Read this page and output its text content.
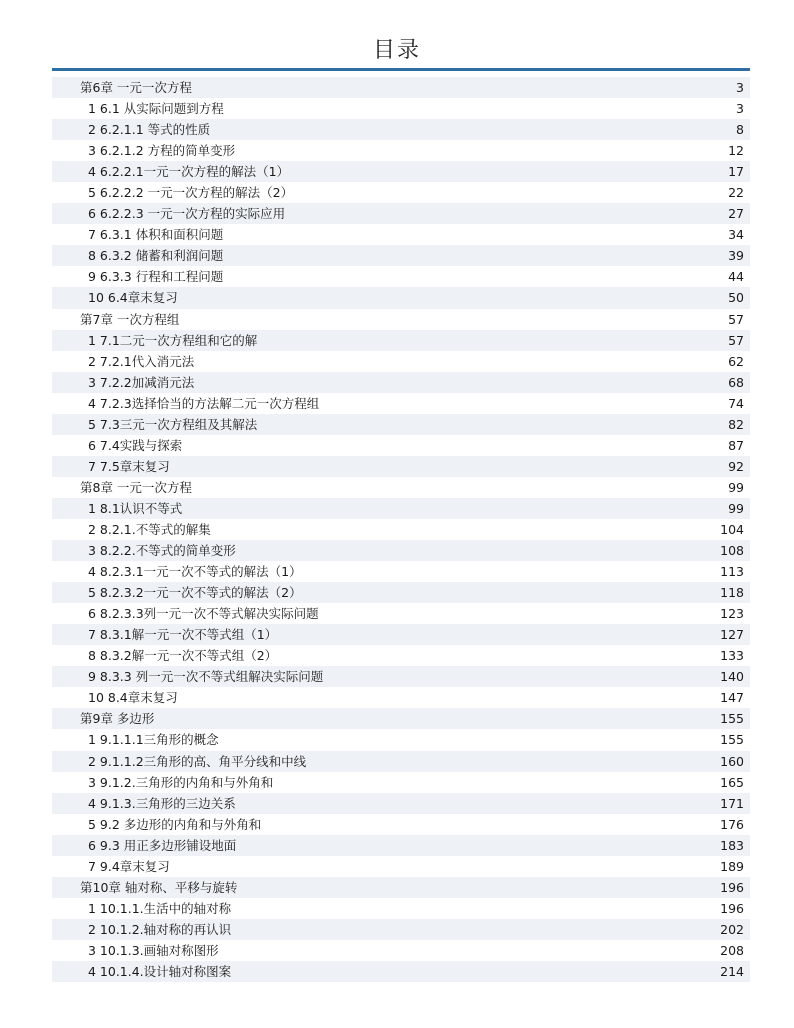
目录
第6章 一元一次方程	3
1 6.1 从实际问题到方程	3
2 6.2.1.1 等式的性质	8
3 6.2.1.2 方程的简单变形	12
4 6.2.2.1一元一次方程的解法（1）	17
5 6.2.2.2 一元一次方程的解法（2）	22
6 6.2.2.3 一元一次方程的实际应用	27
7 6.3.1 体积和面积问题	34
8 6.3.2 储蓄和利润问题	39
9 6.3.3 行程和工程问题	44
10 6.4章末复习	50
第7章 一次方程组	57
1 7.1二元一次方程组和它的解	57
2 7.2.1代入消元法	62
3 7.2.2加减消元法	68
4 7.2.3选择恰当的方法解二元一次方程组	74
5 7.3三元一次方程组及其解法	82
6 7.4实践与探索	87
7 7.5章末复习	92
第8章 一元一次方程	99
1 8.1认识不等式	99
2 8.2.1.不等式的解集	104
3 8.2.2.不等式的简单变形	108
4 8.2.3.1一元一次不等式的解法（1）	113
5 8.2.3.2一元一次不等式的解法（2）	118
6 8.2.3.3列一元一次不等式解决实际问题	123
7 8.3.1解一元一次不等式组（1）	127
8 8.3.2解一元一次不等式组（2）	133
9 8.3.3 列一元一次不等式组解决实际问题	140
10 8.4章末复习	147
第9章 多边形	155
1 9.1.1.1三角形的概念	155
2 9.1.1.2三角形的高、角平分线和中线	160
3 9.1.2.三角形的内角和与外角和	165
4 9.1.3.三角形的三边关系	171
5 9.2 多边形的内角和与外角和	176
6 9.3 用正多边形铺设地面	183
7 9.4章末复习	189
第10章 轴对称、平移与旋转	196
1 10.1.1.生活中的轴对称	196
2 10.1.2.轴对称的再认识	202
3 10.1.3.画轴对称图形	208
4 10.1.4.设计轴对称图案	214
